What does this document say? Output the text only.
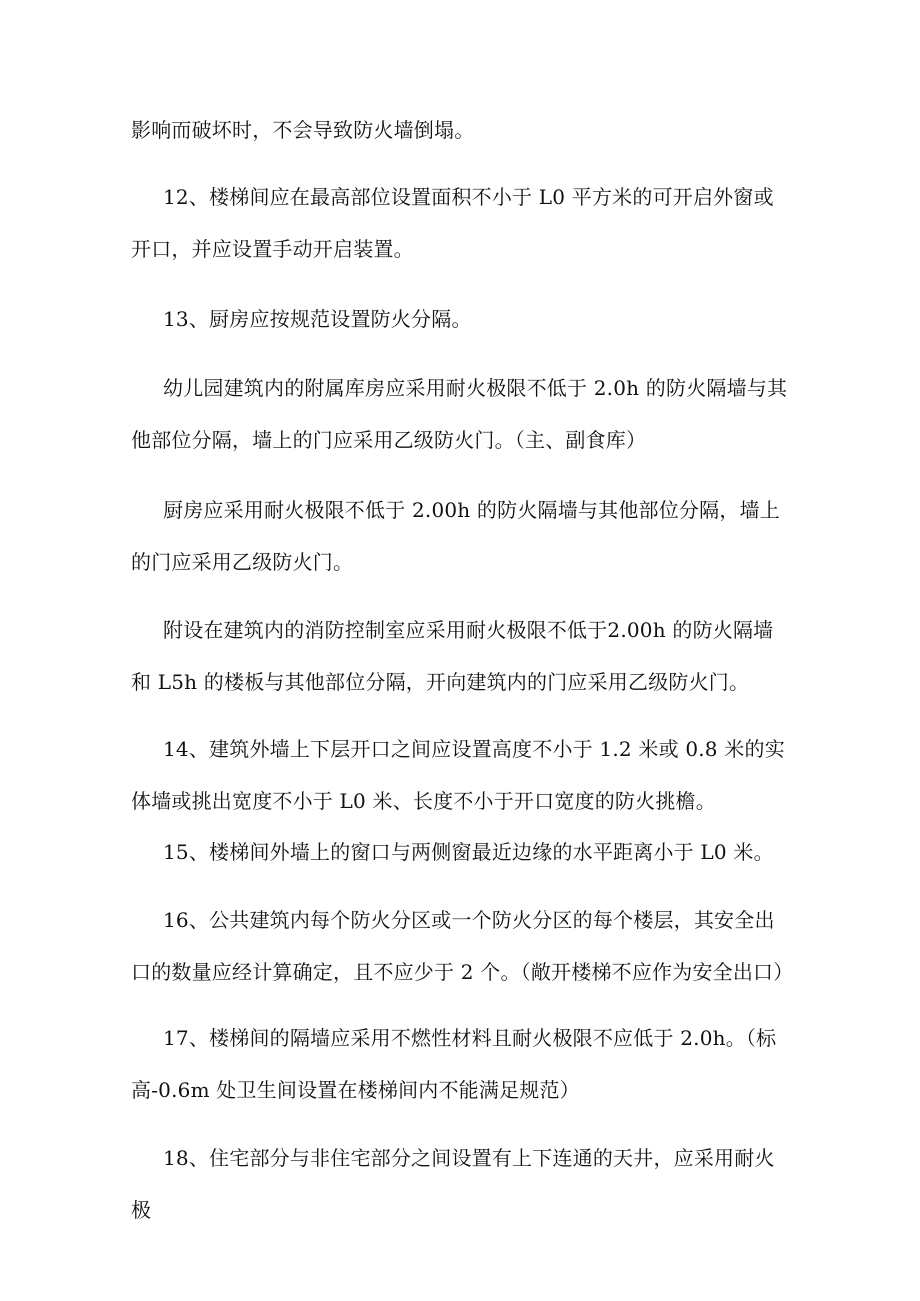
影响而破坏时，不会导致防火墙倒塌。

12、楼梯间应在最高部位设置面积不小于 L0 平方米的可开启外窗或开口，并应设置手动开启装置。

13、厨房应按规范设置防火分隔。

幼儿园建筑内的附属库房应采用耐火极限不低于 2.0h 的防火隔墙与其他部位分隔，墙上的门应采用乙级防火门。（主、副食库）

厨房应采用耐火极限不低于 2.00h 的防火隔墙与其他部位分隔，墙上的门应采用乙级防火门。

附设在建筑内的消防控制室应采用耐火极限不低于2.00h 的防火隔墙和 L5h 的楼板与其他部位分隔，开向建筑内的门应采用乙级防火门。

14、建筑外墙上下层开口之间应设置高度不小于 1.2 米或 0.8 米的实体墙或挑出宽度不小于 L0 米、长度不小于开口宽度的防火挑檐。

15、楼梯间外墙上的窗口与两侧窗最近边缘的水平距离小于 L0 米。

16、公共建筑内每个防火分区或一个防火分区的每个楼层，其安全出口的数量应经计算确定，且不应少于 2 个。（敞开楼梯不应作为安全出口）

17、楼梯间的隔墙应采用不燃性材料且耐火极限不应低于 2.0h。（标高-0.6m 处卫生间设置在楼梯间内不能满足规范）

18、住宅部分与非住宅部分之间设置有上下连通的天井，应采用耐火极
